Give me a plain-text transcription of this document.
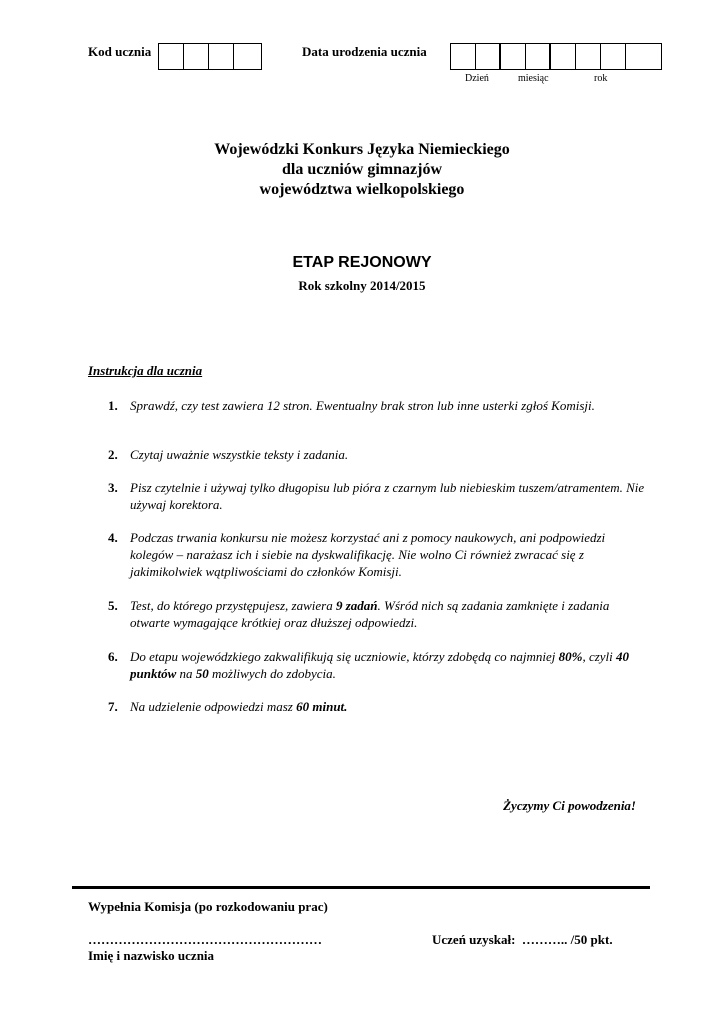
Kod ucznia	Data urodzenia ucznia
Dzień	miesiąc	rok
Wojewódzki Konkurs Języka Niemieckiego
dla uczniów gimnazjów
województwa wielkopolskiego
ETAP REJONOWY
Rok szkolny 2014/2015
Instrukcja dla ucznia
1. Sprawdź, czy test zawiera 12 stron. Ewentualny brak stron lub inne usterki zgłoś Komisji.
2. Czytaj uważnie wszystkie teksty i zadania.
3. Pisz czytelnie i używaj tylko długopisu lub pióra z czarnym lub niebieskim tuszem/atramentem. Nie używaj korektora.
4. Podczas trwania konkursu nie możesz korzystać ani z pomocy naukowych, ani podpowiedzi kolegów – narażasz ich i siebie na dyskwalifikację. Nie wolno Ci również zwracać się z jakimikolwiek wątpliwościami do członków Komisji.
5. Test, do którego przystępujesz, zawiera 9 zadań. Wśród nich są zadania zamknięte i zadania otwarte wymagające krótkiej oraz dłuższej odpowiedzi.
6. Do etapu wojewódzkiego zakwalifikują się uczniowie, którzy zdobędą co najmniej 80%, czyli 40 punktów na 50 możliwych do zdobycia.
7. Na udzielenie odpowiedzi masz 60 minut.
Życzymy Ci powodzenia!
Wypełnia Komisja (po rozkodowaniu prac)
………………………………………………	Uczeń uzyskał: ……….. /50 pkt.
Imię i nazwisko ucznia
